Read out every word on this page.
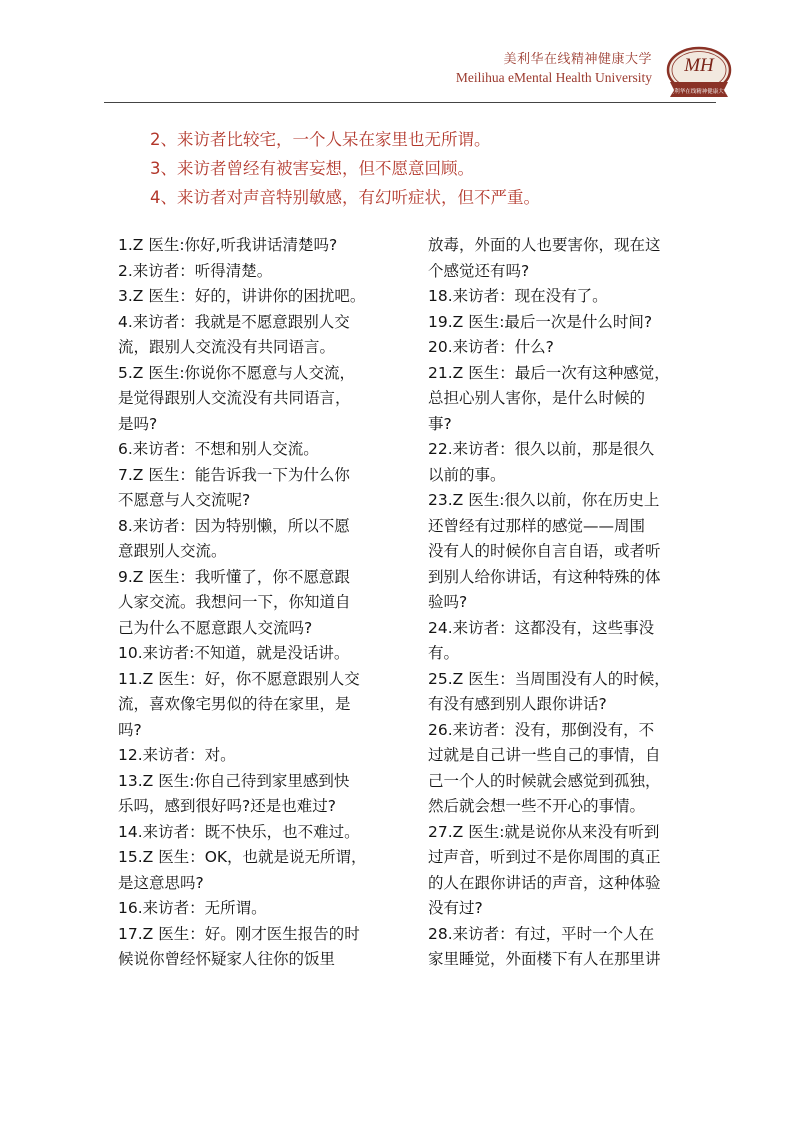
美利华在线精神健康大学
Meilihua eMental Health University
MH
美利华在线精神健康大学
2、来访者比较宅，一个人呆在家里也无所谓。
3、来访者曾经有被害妄想，但不愿意回顾。
4、来访者对声音特别敏感，有幻听症状，但不严重。
1.Z 医生:你好,听我讲话清楚吗?
2.来访者：听得清楚。
3.Z 医生：好的，讲讲你的困扰吧。
4.来访者：我就是不愿意跟别人交
流，跟别人交流没有共同语言。
5.Z 医生:你说你不愿意与人交流，
是觉得跟别人交流没有共同语言，
是吗?
6.来访者：不想和别人交流。
7.Z 医生：能告诉我一下为什么你
不愿意与人交流呢?
8.来访者：因为特别懒，所以不愿
意跟别人交流。
9.Z 医生：我听懂了，你不愿意跟
人家交流。我想问一下，你知道自
己为什么不愿意跟人交流吗?
10.来访者:不知道，就是没话讲。
11.Z 医生：好，你不愿意跟别人交
流，喜欢像宅男似的待在家里，是
吗?
12.来访者：对。
13.Z 医生:你自己待到家里感到快
乐吗，感到很好吗?还是也难过?
14.来访者：既不快乐，也不难过。
15.Z 医生：OK，也就是说无所谓，
是这意思吗?
16.来访者：无所谓。
17.Z 医生：好。刚才医生报告的时
候说你曾经怀疑家人往你的饭里
放毒，外面的人也要害你，现在这
个感觉还有吗?
18.来访者：现在没有了。
19.Z 医生:最后一次是什么时间?
20.来访者：什么?
21.Z 医生：最后一次有这种感觉，
总担心别人害你，是什么时候的
事?
22.来访者：很久以前，那是很久
以前的事。
23.Z 医生:很久以前，你在历史上
还曾经有过那样的感觉——周围
没有人的时候你自言自语，或者听
到别人给你讲话，有这种特殊的体
验吗?
24.来访者：这都没有，这些事没
有。
25.Z 医生：当周围没有人的时候，
有没有感到别人跟你讲话?
26.来访者：没有，那倒没有，不
过就是自己讲一些自己的事情，自
己一个人的时候就会感觉到孤独，
然后就会想一些不开心的事情。
27.Z 医生:就是说你从来没有听到
过声音，听到过不是你周围的真正
的人在跟你讲话的声音，这种体验
没有过?
28.来访者：有过，平时一个人在
家里睡觉，外面楼下有人在那里讲
